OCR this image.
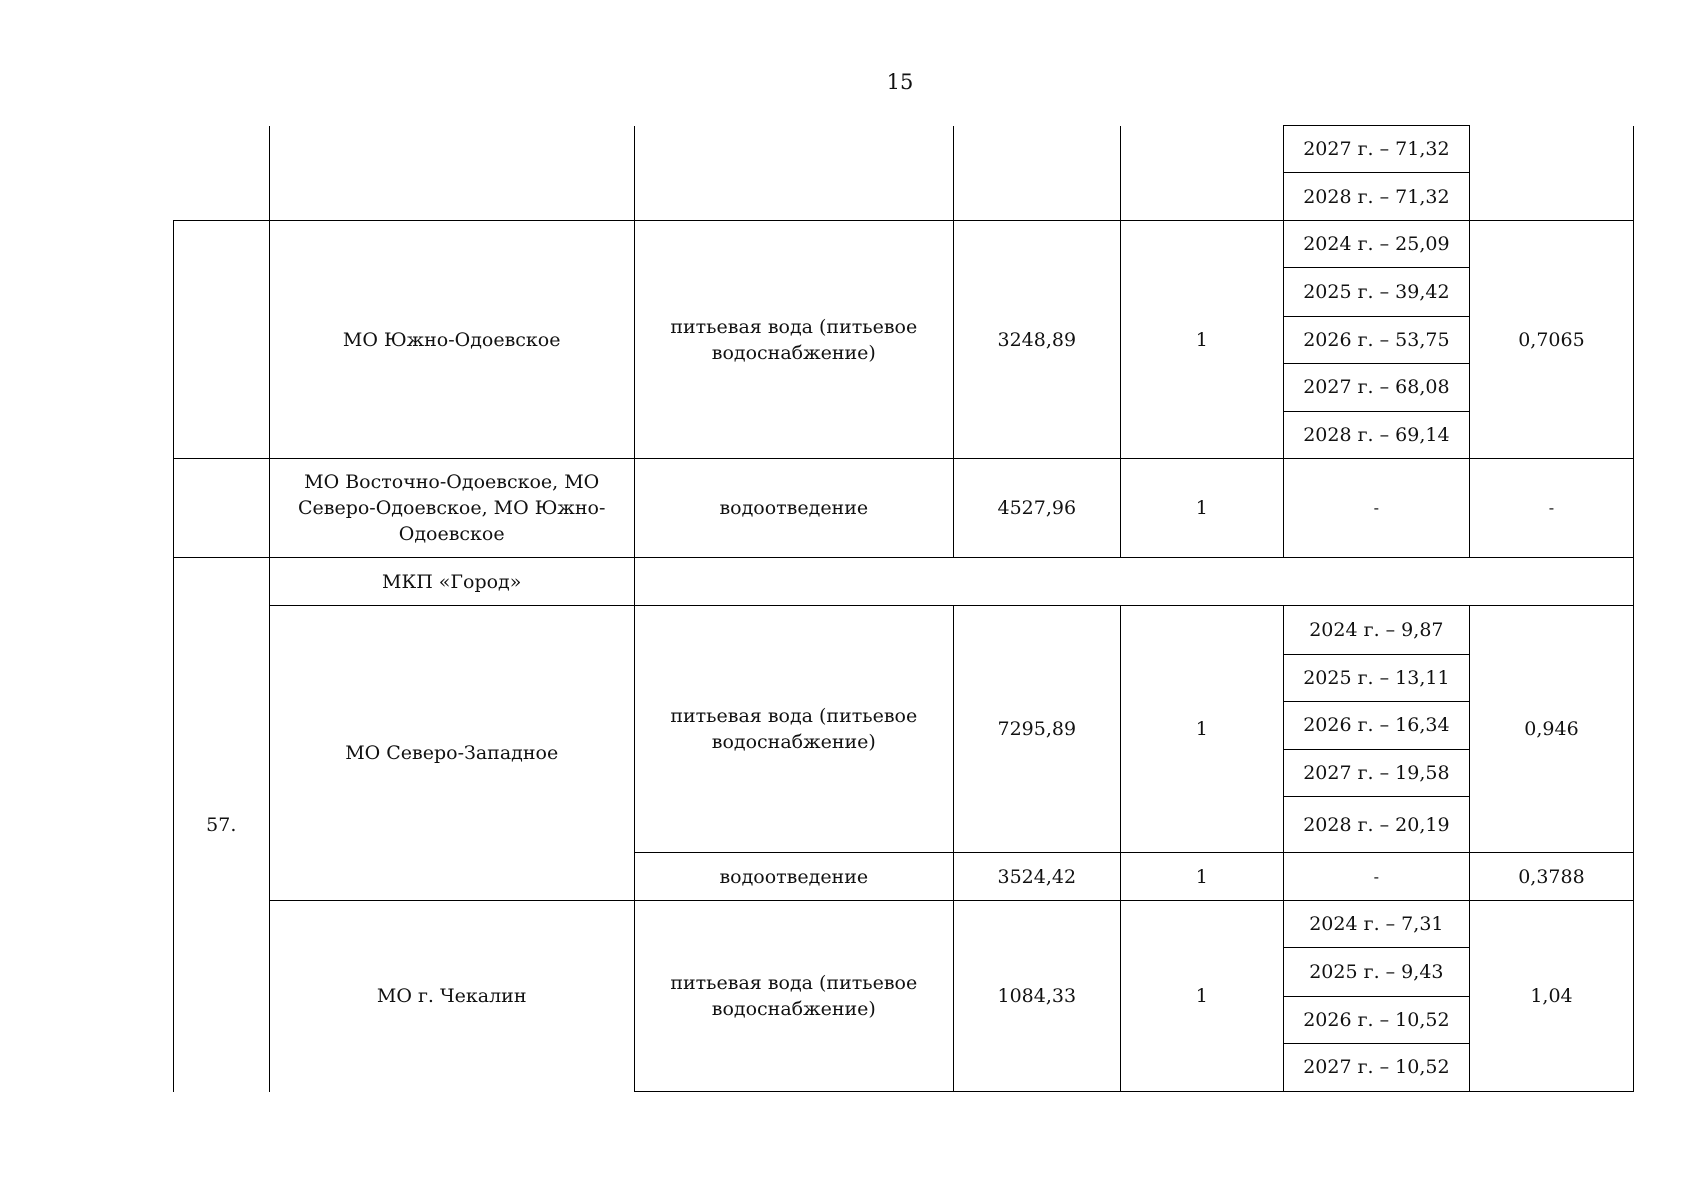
15
					2027 г. – 71,32	
					2028 г. – 71,32	
	МО Южно-Одоевское	питьевая вода (питьевое водоснабжение)	3248,89	1	2024 г. – 25,09	0,7065
					2025 г. – 39,42	
					2026 г. – 53,75	
					2027 г. – 68,08	
					2028 г. – 69,14	
	МО Восточно-Одоевское, МО Северо-Одоевское, МО Южно-Одоевское	водоотведение	4527,96	1	-	-
57.	МКП «Город»					
	МО Северо-Западное	питьевая вода (питьевое водоснабжение)	7295,89	1	2024 г. – 9,87	0,946
					2025 г. – 13,11	
					2026 г. – 16,34	
					2027 г. – 19,58	
					2028 г. – 20,19	
		водоотведение	3524,42	1	-	0,3788
	МО г. Чекалин	питьевая вода (питьевое водоснабжение)	1084,33	1	2024 г. – 7,31	1,04
					2025 г. – 9,43	
					2026 г. – 10,52	
					2027 г. – 10,52	
